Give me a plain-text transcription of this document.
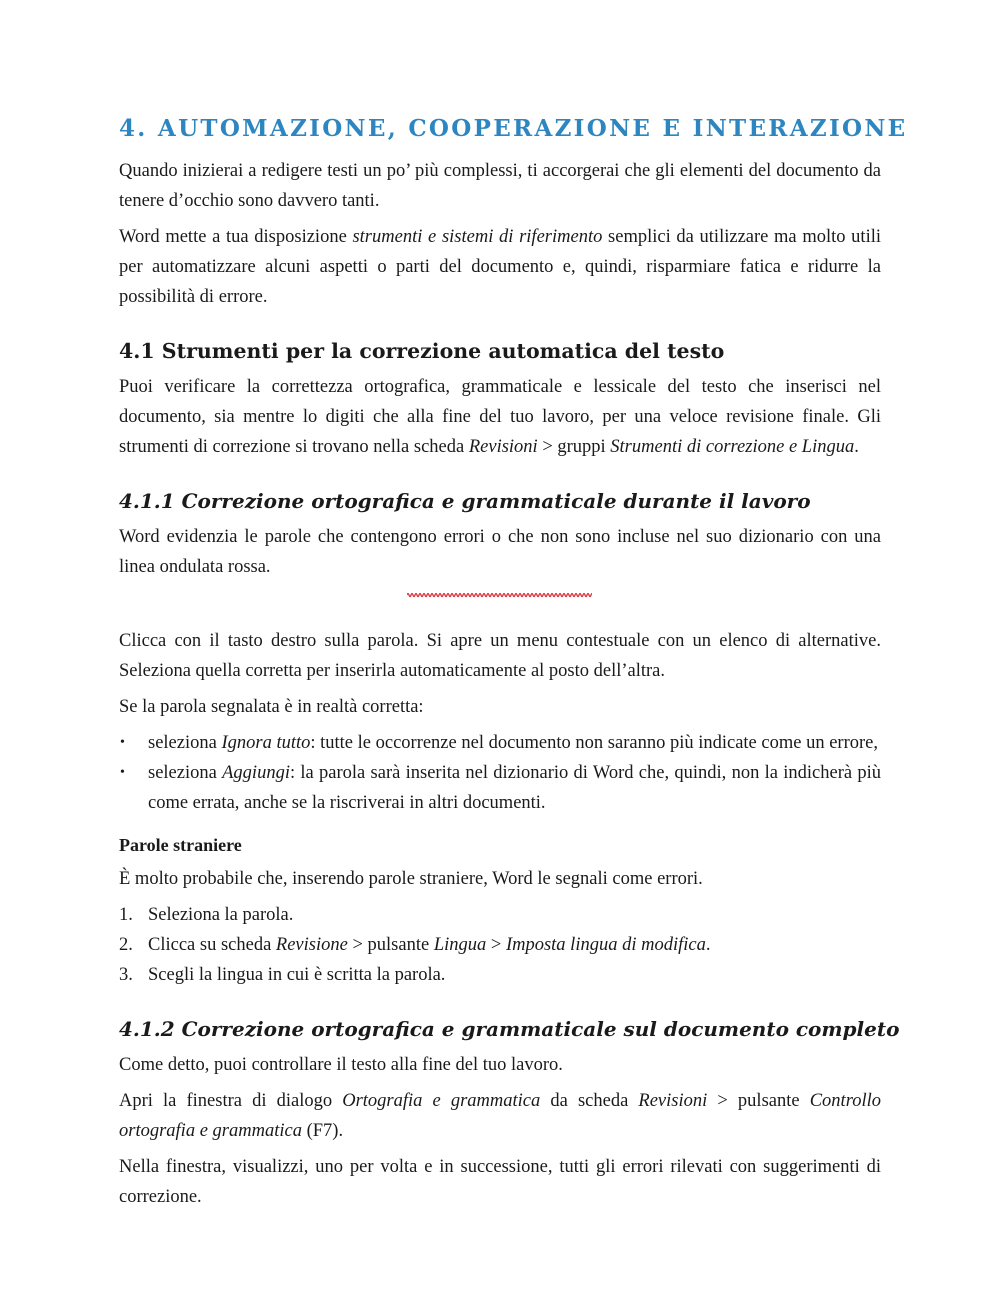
4. AUTOMAZIONE, COOPERAZIONE E INTERAZIONE

Quando inizierai a redigere testi un po’ più complessi, ti accorgerai che gli elementi del documento da tenere d’occhio sono davvero tanti.

Word mette a tua disposizione strumenti e sistemi di riferimento semplici da utilizzare ma molto utili per automatizzare alcuni aspetti o parti del documento e, quindi, risparmiare fatica e ridurre la possibilità di errore.

4.1 Strumenti per la correzione automatica del testo

Puoi verificare la correttezza ortografica, grammaticale e lessicale del testo che inserisci nel documento, sia mentre lo digiti che alla fine del tuo lavoro, per una veloce revisione finale. Gli strumenti di correzione si trovano nella scheda Revisioni > gruppi Strumenti di correzione e Lingua.

4.1.1 Correzione ortografica e grammaticale durante il lavoro

Word evidenzia le parole che contengono errori o che non sono incluse nel suo dizionario con una linea ondulata rossa.

Clicca con il tasto destro sulla parola. Si apre un menu contestuale con un elenco di alternative. Seleziona quella corretta per inserirla automaticamente al posto dell’altra.

Se la parola segnalata è in realtà corretta:

• seleziona Ignora tutto: tutte le occorrenze nel documento non saranno più indicate come un errore,
• seleziona Aggiungi: la parola sarà inserita nel dizionario di Word che, quindi, non la indicherà più come errata, anche se la riscriverai in altri documenti.
Parole straniere

È molto probabile che, inserendo parole straniere, Word le segnali come errori.

1. Seleziona la parola.
2. Clicca su scheda Revisione > pulsante Lingua > Imposta lingua di modifica.
3. Scegli la lingua in cui è scritta la parola.
4.1.2 Correzione ortografica e grammaticale sul documento completo

Come detto, puoi controllare il testo alla fine del tuo lavoro.

Apri la finestra di dialogo Ortografia e grammatica da scheda Revisioni > pulsante Controllo ortografia e grammatica (F7).

Nella finestra, visualizzi, uno per volta e in successione, tutti gli errori rilevati con suggerimenti di correzione.
